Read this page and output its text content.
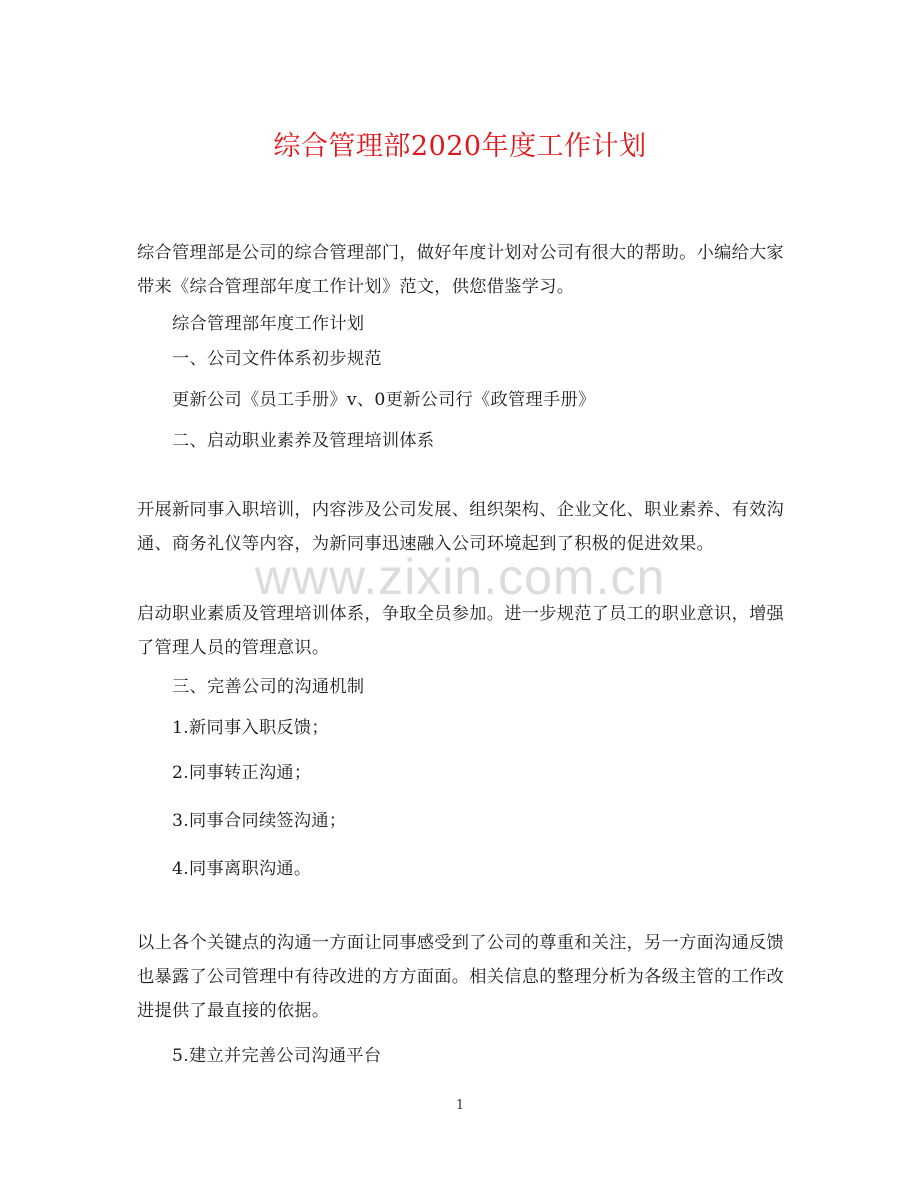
综合管理部2020年度工作计划
综合管理部是公司的综合管理部门，做好年度计划对公司有很大的帮助。小编给大家带来《综合管理部年度工作计划》范文，供您借鉴学习。
综合管理部年度工作计划
一、公司文件体系初步规范
更新公司《员工手册》v、0更新公司行《政管理手册》
二、启动职业素养及管理培训体系
开展新同事入职培训，内容涉及公司发展、组织架构、企业文化、职业素养、有效沟通、商务礼仪等内容，为新同事迅速融入公司环境起到了积极的促进效果。
启动职业素质及管理培训体系，争取全员参加。进一步规范了员工的职业意识，增强了管理人员的管理意识。
三、完善公司的沟通机制
1.新同事入职反馈；
2.同事转正沟通；
3.同事合同续签沟通；
4.同事离职沟通。
以上各个关键点的沟通一方面让同事感受到了公司的尊重和关注，另一方面沟通反馈也暴露了公司管理中有待改进的方方面面。相关信息的整理分析为各级主管的工作改进提供了最直接的依据。
5.建立并完善公司沟通平台
www.zixin.com.cn
1
